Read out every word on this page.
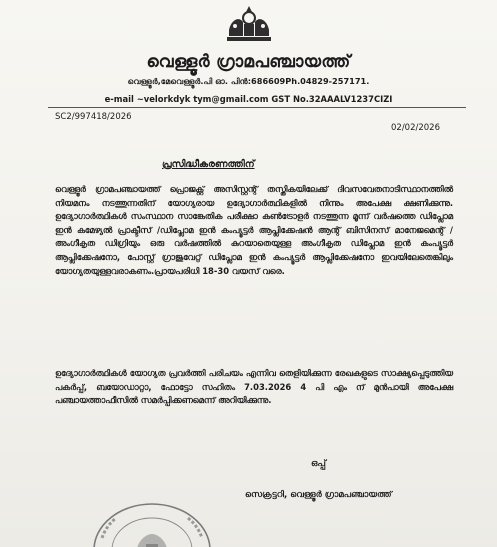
വെള്ളൂർ ഗ്രാമപഞ്ചായത്ത്
വെള്ളൂർ,മേവെള്ളൂർ.പി ഓ. പിൻ:686609Ph.04829-257171.
e-mail ~velorkdyk tym@gmail.com GST No.32AAALV1237CIZI
SC2/997418/2026
02/02/2026
പ്രസിദ്ധീകരണത്തിന്
വെള്ളൂർ ഗ്രാമപഞ്ചായത്ത് പ്രൊജക്റ്റ് അസിസ്റ്റന്റ് തസ്തികയിലേക്ക് ദിവസവേതനാടിസ്ഥാനത്തിൽ നിയമനം നടത്തുന്നതിന് യോഗ്യരായ ഉദ്യോഗാർത്ഥികളിൽ നിന്നും അപേക്ഷ ക്ഷണിക്കുന്നു. ഉദ്യോഗാർത്ഥികൾ സംസ്ഥാന സാങ്കേതിക പരീക്ഷാ കൺട്രോളർ നടത്തുന്ന മൂന്ന് വർഷത്തെ ഡിപ്ലോമ ഇൻ കമേഴ്യൽ പ്രാക്ടീസ് /ഡിപ്ലോമ ഇൻ കംപ്യൂട്ടർ ആപ്ലിക്കേഷൻ ആന്റ് ബിസിനസ് മാനേജമെന്റ് / അംഗീകൃത ഡിഗ്രിയും ഒരു വർഷത്തിൽ കുറയാതെയുള്ള അംഗീകൃത ഡിപ്ലോമ ഇൻ കംപ്യൂട്ടർ ആപ്ലിക്കേഷനോ, പോസ്റ്റ് ഗ്രാജുവേറ്റ് ഡിപ്ലോമ ഇൻ കംപ്യൂട്ടർ ആപ്ലിക്കേഷനോ ഇവയിലേതെങ്കിലും യോഗ്യതയുള്ളവരാകണം.പ്രായപരിധി 18-30 വയസ് വരെ.
ഉദ്യോഗാർത്ഥികൾ യോഗ്യത പ്രവർത്തി പരിചയം എന്നിവ തെളിയിക്കുന്ന രേഖകളുടെ സാക്ഷ്യപ്പെടുത്തിയ പകർപ്പ്, ബയോഡാറ്റാ, ഫോട്ടോ സഹിതം 7.03.2026 4 പി എം ന് മുൻപായി അപേക്ഷ പഞ്ചായത്താഫീസിൽ സമർപ്പിക്കണമെന്ന് അറിയിക്കുന്നു.
ഒപ്പ്
സെക്രട്ടറി, വെള്ളൂർ ഗ്രാമപഞ്ചായത്ത്
